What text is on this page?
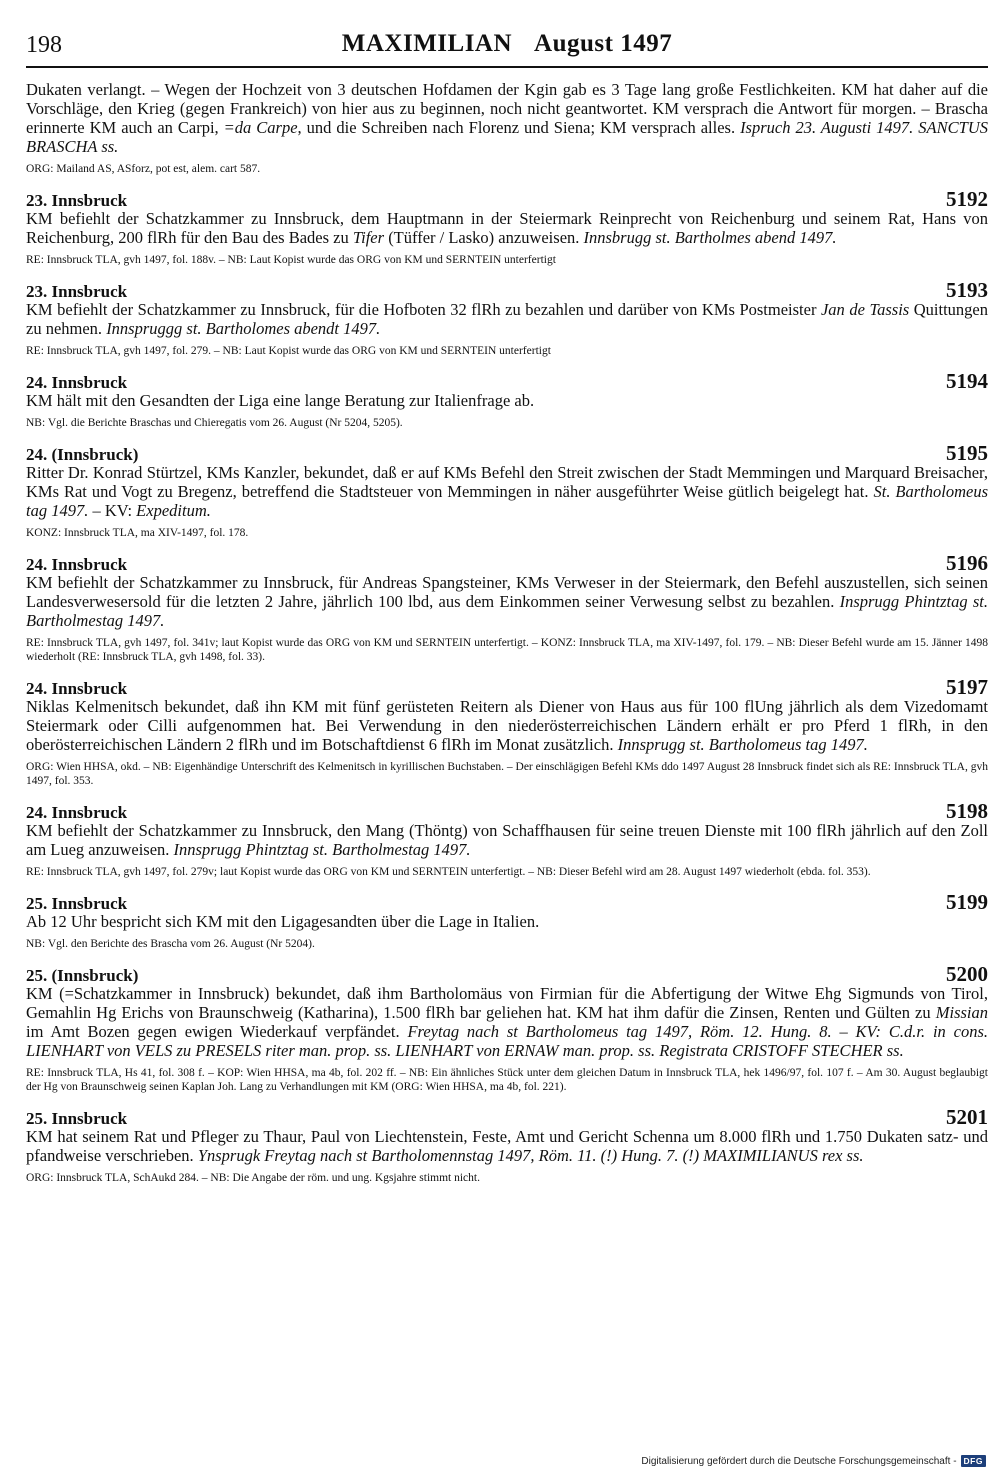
198	MAXIMILIAN August 1497
Dukaten verlangt. – Wegen der Hochzeit von 3 deutschen Hofdamen der Kgin gab es 3 Tage lang große Festlichkeiten. KM hat daher auf die Vorschläge, den Krieg (gegen Frankreich) von hier aus zu beginnen, noch nicht geantwortet. KM versprach die Antwort für morgen. – Brascha erinnerte KM auch an Carpi, =da Carpe, und die Schreiben nach Florenz und Siena; KM versprach alles. Ispruch 23. Augusti 1497. SANCTUS BRASCHA ss.
ORG: Mailand AS, ASforz, pot est, alem. cart 587.
23. Innsbruck	5192
KM befiehlt der Schatzkammer zu Innsbruck, dem Hauptmann in der Steiermark Reinprecht von Reichenburg und seinem Rat, Hans von Reichenburg, 200 flRh für den Bau des Bades zu Tifer (Tüffer / Lasko) anzuweisen. Innsbrugg st. Bartholmes abend 1497.
RE: Innsbruck TLA, gvh 1497, fol. 188v. – NB: Laut Kopist wurde das ORG von KM und SERNTEIN unterfertigt
23. Innsbruck	5193
KM befiehlt der Schatzkammer zu Innsbruck, für die Hofboten 32 flRh zu bezahlen und darüber von KMs Postmeister Jan de Tassis Quittungen zu nehmen. Innspruggg st. Bartholomes abendt 1497.
RE: Innsbruck TLA, gvh 1497, fol. 279. – NB: Laut Kopist wurde das ORG von KM und SERNTEIN unterfertigt
24. Innsbruck	5194
KM hält mit den Gesandten der Liga eine lange Beratung zur Italienfrage ab.
NB: Vgl. die Berichte Braschas und Chieregatis vom 26. August (Nr 5204, 5205).
24. (Innsbruck)	5195
Ritter Dr. Konrad Stürtzel, KMs Kanzler, bekundet, daß er auf KMs Befehl den Streit zwischen der Stadt Memmingen und Marquard Breisacher, KMs Rat und Vogt zu Bregenz, betreffend die Stadtsteuer von Memmingen in näher ausgeführter Weise gütlich beigelegt hat. St. Bartholomeus tag 1497. – KV: Expeditum.
KONZ: Innsbruck TLA, ma XIV-1497, fol. 178.
24. Innsbruck	5196
KM befiehlt der Schatzkammer zu Innsbruck, für Andreas Spangsteiner, KMs Verweser in der Steiermark, den Befehl auszustellen, sich seinen Landesverwesersold für die letzten 2 Jahre, jährlich 100 lbd, aus dem Einkommen seiner Verwesung selbst zu bezahlen. Insprugg Phintztag st. Bartholmestag 1497.
RE: Innsbruck TLA, gvh 1497, fol. 341v; laut Kopist wurde das ORG von KM und SERNTEIN unterfertigt. – KONZ: Innsbruck TLA, ma XIV-1497, fol. 179. – NB: Dieser Befehl wurde am 15. Jänner 1498 wiederholt (RE: Innsbruck TLA, gvh 1498, fol. 33).
24. Innsbruck	5197
Niklas Kelmenitsch bekundet, daß ihn KM mit fünf gerüsteten Reitern als Diener von Haus aus für 100 flUng jährlich als dem Vizedomamt Steiermark oder Cilli aufgenommen hat. Bei Verwendung in den niederösterreichischen Ländern erhält er pro Pferd 1 flRh, in den oberösterreichischen Ländern 2 flRh und im Botschaftdienst 6 flRh im Monat zusätzlich. Innsprugg st. Bartholomeus tag 1497.
ORG: Wien HHSA, okd. – NB: Eigenhändige Unterschrift des Kelmenitsch in kyrillischen Buchstaben. – Der einschlägigen Befehl KMs ddo 1497 August 28 Innsbruck findet sich als RE: Innsbruck TLA, gvh 1497, fol. 353.
24. Innsbruck	5198
KM befiehlt der Schatzkammer zu Innsbruck, den Mang (Thöntg) von Schaffhausen für seine treuen Dienste mit 100 flRh jährlich auf den Zoll am Lueg anzuweisen. Innsprugg Phintztag st. Bartholmestag 1497.
RE: Innsbruck TLA, gvh 1497, fol. 279v; laut Kopist wurde das ORG von KM und SERNTEIN unterfertigt. – NB: Dieser Befehl wird am 28. August 1497 wiederholt (ebda. fol. 353).
25. Innsbruck	5199
Ab 12 Uhr bespricht sich KM mit den Ligagesandten über die Lage in Italien.
NB: Vgl. den Berichte des Brascha vom 26. August (Nr 5204).
25. (Innsbruck)	5200
KM (=Schatzkammer in Innsbruck) bekundet, daß ihm Bartholomäus von Firmian für die Abfertigung der Witwe Ehg Sigmunds von Tirol, Gemahlin Hg Erichs von Braunschweig (Katharina), 1.500 flRh bar geliehen hat. KM hat ihm dafür die Zinsen, Renten und Gülten zu Missian im Amt Bozen gegen ewigen Wiederkauf verpfändet. Freytag nach st Bartholomeus tag 1497, Röm. 12. Hung. 8. – KV: C.d.r. in cons. LIENHART von VELS zu PRESELS riter man. prop. ss. LIENHART von ERNAW man. prop. ss. Registrata CRISTOFF STECHER ss.
RE: Innsbruck TLA, Hs 41, fol. 308 f. – KOP: Wien HHSA, ma 4b, fol. 202 ff. – NB: Ein ähnliches Stück unter dem gleichen Datum in Innsbruck TLA, hek 1496/97, fol. 107 f. – Am 30. August beglaubigt der Hg von Braunschweig seinen Kaplan Joh. Lang zu Verhandlungen mit KM (ORG: Wien HHSA, ma 4b, fol. 221).
25. Innsbruck	5201
KM hat seinem Rat und Pfleger zu Thaur, Paul von Liechtenstein, Feste, Amt und Gericht Schenna um 8.000 flRh und 1.750 Dukaten satz- und pfandweise verschrieben. Ynsprugk Freytag nach st Bartholomennstag 1497, Röm. 11. (!) Hung. 7. (!) MAXIMILIANUS rex ss.
ORG: Innsbruck TLA, SchAukd 284. – NB: Die Angabe der röm. und ung. Kgsjahre stimmt nicht.
Digitalisierung gefördert durch die Deutsche Forschungsgemeinschaft - DFG
